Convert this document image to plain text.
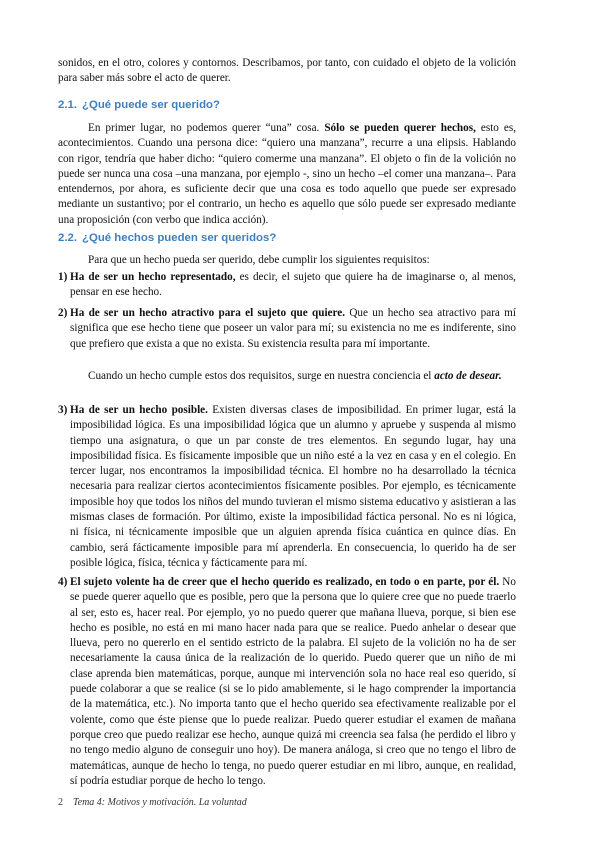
sonidos, en el otro, colores y contornos. Describamos, por tanto, con cuidado el objeto de la volición para saber más sobre el acto de querer.

2.1. ¿Qué puede ser querido?

En primer lugar, no podemos querer “una” cosa. Sólo se pueden querer hechos, esto es, acontecimientos. Cuando una persona dice: “quiero una manzana”, recurre a una elipsis. Hablando con rigor, tendría que haber dicho: “quiero comerme una manzana”. El objeto o fin de la volición no puede ser nunca una cosa –una manzana, por ejemplo -, sino un hecho –el comer una manzana–. Para entendernos, por ahora, es suficiente decir que una cosa es todo aquello que puede ser expresado mediante un sustantivo; por el contrario, un hecho es aquello que sólo puede ser expresado mediante una proposición (con verbo que indica acción).

2.2. ¿Qué hechos pueden ser queridos?

Para que un hecho pueda ser querido, debe cumplir los siguientes requisitos:

1) Ha de ser un hecho representado, es decir, el sujeto que quiere ha de imaginarse o, al menos, pensar en ese hecho.

2) Ha de ser un hecho atractivo para el sujeto que quiere. Que un hecho sea atractivo para mí significa que ese hecho tiene que poseer un valor para mí; su existencia no me es indiferente, sino que prefiero que exista a que no exista. Su existencia resulta para mí importante.

Cuando un hecho cumple estos dos requisitos, surge en nuestra conciencia el acto de desear.

3) Ha de ser un hecho posible. Existen diversas clases de imposibilidad. En primer lugar, está la imposibilidad lógica. Es una imposibilidad lógica que un alumno y apruebe y suspenda al mismo tiempo una asignatura, o que un par conste de tres elementos. En segundo lugar, hay una imposibilidad física. Es físicamente imposible que un niño esté a la vez en casa y en el colegio. En tercer lugar, nos encontramos la imposibilidad técnica. El hombre no ha desarrollado la técnica necesaria para realizar ciertos acontecimientos físicamente posibles. Por ejemplo, es técnicamente imposible hoy que todos los niños del mundo tuvieran el mismo sistema educativo y asistieran a las mismas clases de formación. Por último, existe la imposibilidad fáctica personal. No es ni lógica, ni física, ni técnicamente imposible que un alguien aprenda física cuántica en quince días. En cambio, será fácticamente imposible para mí aprenderla. En consecuencia, lo querido ha de ser posible lógica, física, técnica y fácticamente para mí.

4) El sujeto volente ha de creer que el hecho querido es realizado, en todo o en parte, por él. No se puede querer aquello que es posible, pero que la persona que lo quiere cree que no puede traerlo al ser, esto es, hacer real. Por ejemplo, yo no puedo querer que mañana llueva, porque, si bien ese hecho es posible, no está en mi mano hacer nada para que se realice. Puedo anhelar o desear que llueva, pero no quererlo en el sentido estricto de la palabra. El sujeto de la volición no ha de ser necesariamente la causa única de la realización de lo querido. Puedo querer que un niño de mi clase aprenda bien matemáticas, porque, aunque mi intervención sola no hace real eso querido, sí puede colaborar a que se realice (si se lo pido amablemente, si le hago comprender la importancia de la matemática, etc.). No importa tanto que el hecho querido sea efectivamente realizable por el volente, como que éste piense que lo puede realizar. Puedo querer estudiar el examen de mañana porque creo que puedo realizar ese hecho, aunque quizá mi creencia sea falsa (he perdido el libro y no tengo medio alguno de conseguir uno hoy). De manera análoga, si creo que no tengo el libro de matemáticas, aunque de hecho lo tenga, no puedo querer estudiar en mi libro, aunque, en realidad, sí podría estudiar porque de hecho lo tengo.

2 Tema 4: Motivos y motivación. La voluntad
